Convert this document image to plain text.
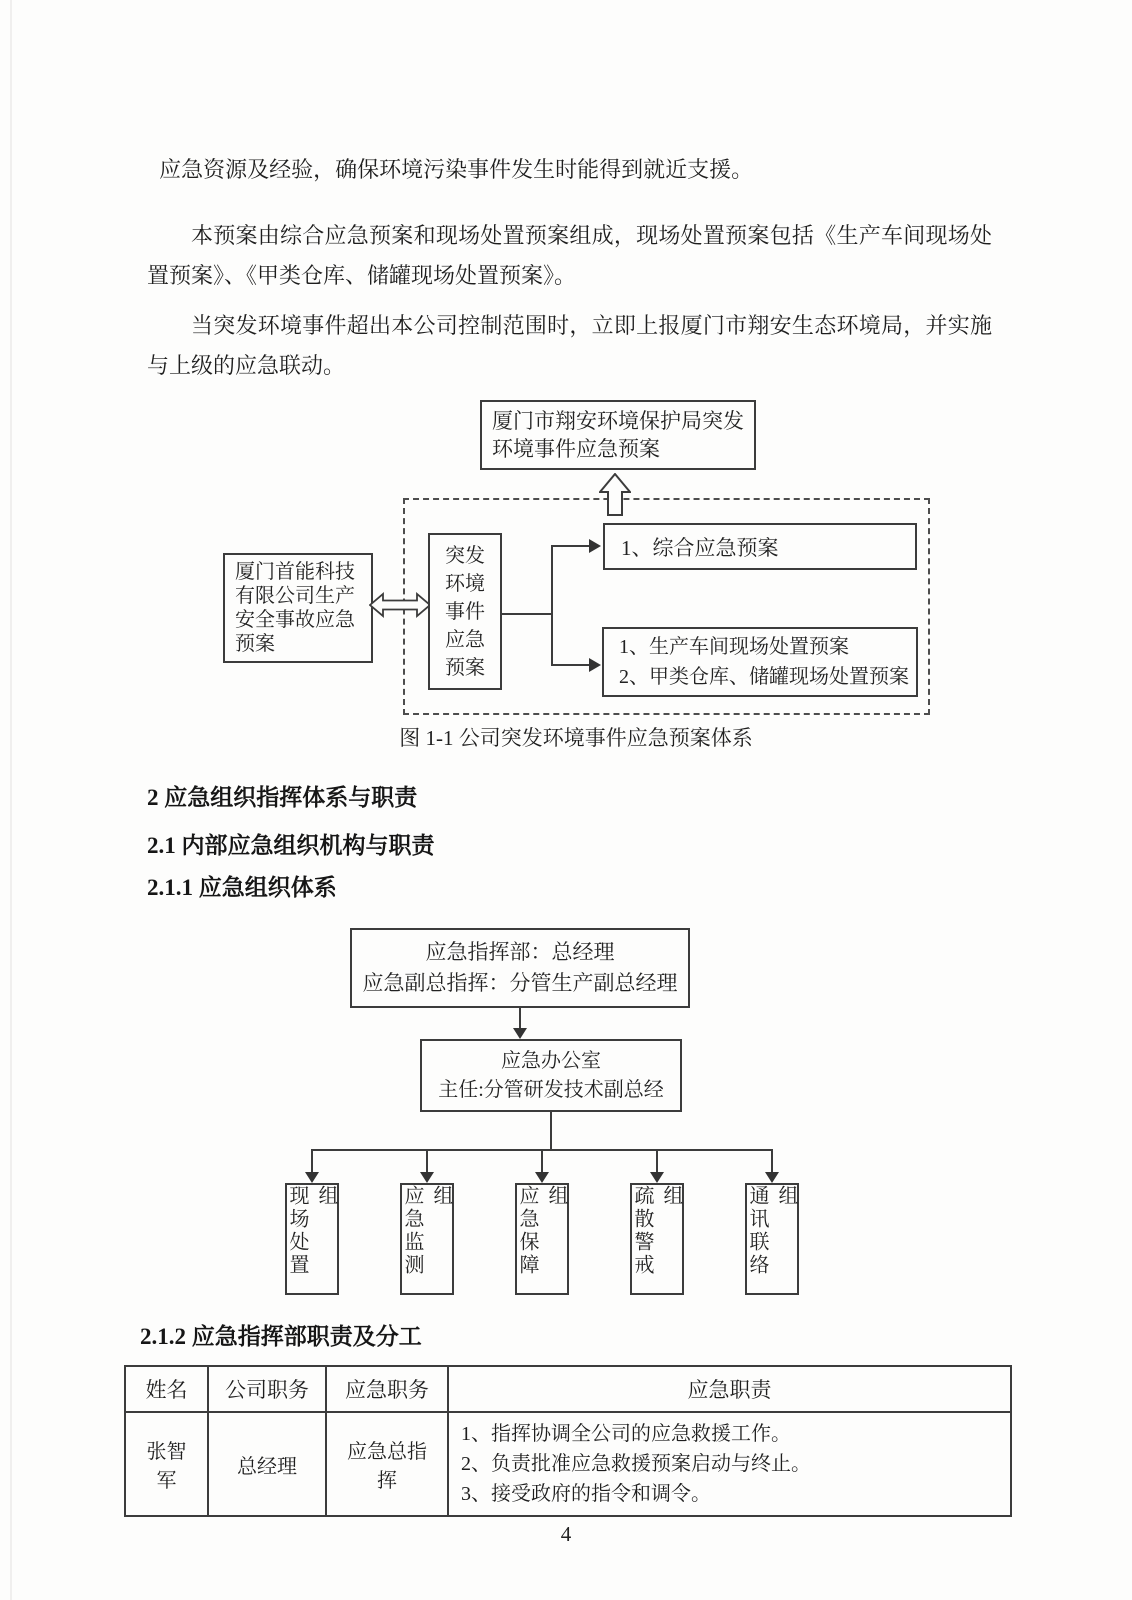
应急资源及经验，确保环境污染事件发生时能得到就近支援。

本预案由综合应急预案和现场处置预案组成，现场处置预案包括《生产车间现场处置预案》、《甲类仓库、储罐现场处置预案》。

当突发环境事件超出本公司控制范围时，立即上报厦门市翔安生态环境局，并实施与上级的应急联动。

厦门市翔安环境保护局突发
环境事件应急预案
厦门首能科技
有限公司生产
安全事故应急
预案
突发
环境
事件
应急
预案
1、综合应急预案
1、生产车间现场处置预案
2、甲类仓库、储罐现场处置预案

图 1-1 公司突发环境事件应急预案体系

2 应急组织指挥体系与职责
2.1 内部应急组织机构与职责
2.1.1 应急组织体系
应急指挥部：总经理
应急副总指挥：分管生产副总经理
应急办公室
主任:分管研发技术副总经
现场处置组	应急监测组	应急保障组	疏散警戒组	通讯联络组
2.1.2 应急指挥部职责及分工
姓名	公司职务	应急职务	应急职责
张智军	总经理	应急总指挥	1、指挥协调全公司的应急救援工作。
2、负责批准应急救援预案启动与终止。
3、接受政府的指令和调令。

4
